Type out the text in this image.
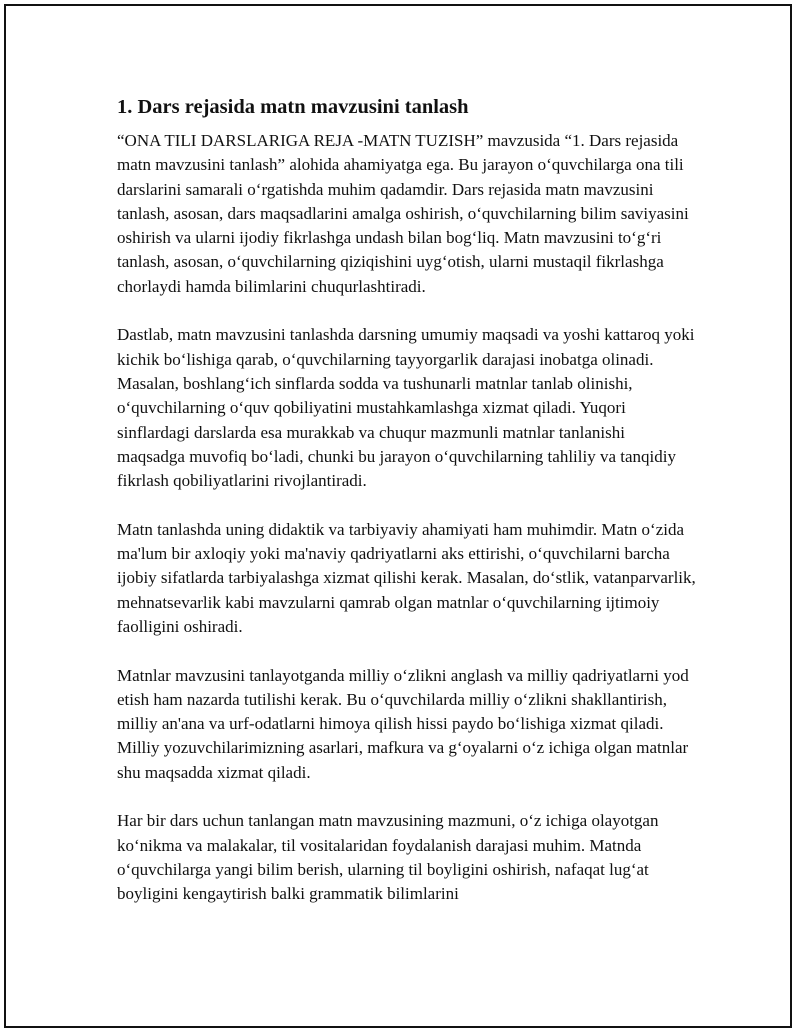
1. Dars rejasida matn mavzusini tanlash

“ONA TILI DARSLARIGA REJA -MATN TUZISH” mavzusida “1. Dars rejasida matn mavzusini tanlash” alohida ahamiyatga ega. Bu jarayon o‘quvchilarga ona tili darslarini samarali o‘rgatishda muhim qadamdir. Dars rejasida matn mavzusini tanlash, asosan, dars maqsadlarini amalga oshirish, o‘quvchilarning bilim saviyasini oshirish va ularni ijodiy fikrlashga undash bilan bog‘liq. Matn mavzusini to‘g‘ri tanlash, asosan, o‘quvchilarning qiziqishini uyg‘otish, ularni mustaqil fikrlashga chorlaydi hamda bilimlarini chuqurlashtiradi.

Dastlab, matn mavzusini tanlashda darsning umumiy maqsadi va yoshi kattaroq yoki kichik bo‘lishiga qarab, o‘quvchilarning tayyorgarlik darajasi inobatga olinadi. Masalan, boshlang‘ich sinflarda sodda va tushunarli matnlar tanlab olinishi, o‘quvchilarning o‘quv qobiliyatini mustahkamlashga xizmat qiladi. Yuqori sinflardagi darslarda esa murakkab va chuqur mazmunli matnlar tanlanishi maqsadga muvofiq bo‘ladi, chunki bu jarayon o‘quvchilarning tahliliy va tanqidiy fikrlash qobiliyatlarini rivojlantiradi.

Matn tanlashda uning didaktik va tarbiyaviy ahamiyati ham muhimdir. Matn o‘zida ma'lum bir axloqiy yoki ma'naviy qadriyatlarni aks ettirishi, o‘quvchilarni barcha ijobiy sifatlarda tarbiyalashga xizmat qilishi kerak. Masalan, do‘stlik, vatanparvarlik, mehnatsevarlik kabi mavzularni qamrab olgan matnlar o‘quvchilarning ijtimoiy faolligini oshiradi.

Matnlar mavzusini tanlayotganda milliy o‘zlikni anglash va milliy qadriyatlarni yod etish ham nazarda tutilishi kerak. Bu o‘quvchilarda milliy o‘zlikni shakllantirish, milliy an'ana va urf-odatlarni himoya qilish hissi paydo bo‘lishiga xizmat qiladi. Milliy yozuvchilarimizning asarlari, mafkura va g‘oyalarni o‘z ichiga olgan matnlar shu maqsadda xizmat qiladi.

Har bir dars uchun tanlangan matn mavzusining mazmuni, o‘z ichiga olayotgan ko‘nikma va malakalar, til vositalaridan foydalanish darajasi muhim. Matnda o‘quvchilarga yangi bilim berish, ularning til boyligini oshirish, nafaqat lug‘at boyligini kengaytirish balki grammatik bilimlarini
